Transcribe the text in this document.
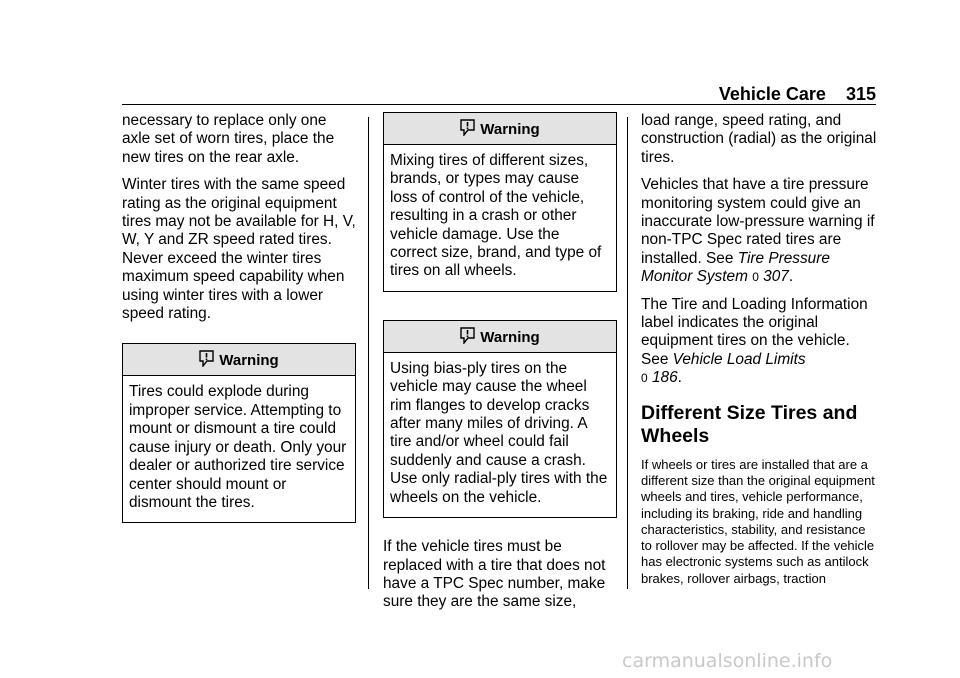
Vehicle Care 315

necessary to replace only one axle set of worn tires, place the new tires on the rear axle.

Winter tires with the same speed rating as the original equipment tires may not be available for H, V, W, Y and ZR speed rated tires. Never exceed the winter tires maximum speed capability when using winter tires with a lower speed rating.

Warning
Tires could explode during improper service. Attempting to mount or dismount a tire could cause injury or death. Only your dealer or authorized tire service center should mount or dismount the tires.
Warning
Mixing tires of different sizes, brands, or types may cause loss of control of the vehicle, resulting in a crash or other vehicle damage. Use the correct size, brand, and type of tires on all wheels.
Warning
Using bias-ply tires on the vehicle may cause the wheel rim flanges to develop cracks after many miles of driving. A tire and/or wheel could fail suddenly and cause a crash. Use only radial-ply tires with the wheels on the vehicle.

If the vehicle tires must be replaced with a tire that does not have a TPC Spec number, make sure they are the same size,

load range, speed rating, and construction (radial) as the original tires.

Vehicles that have a tire pressure monitoring system could give an inaccurate low-pressure warning if non-TPC Spec rated tires are installed. See Tire Pressure Monitor System 0 307.

The Tire and Loading Information label indicates the original equipment tires on the vehicle. See Vehicle Load Limits
0 186.

Different Size Tires and Wheels
If wheels or tires are installed that are a different size than the original equipment wheels and tires, vehicle performance, including its braking, ride and handling characteristics, stability, and resistance to rollover may be affected. If the vehicle has electronic systems such as antilock brakes, rollover airbags, traction
carmanualsonline.info
